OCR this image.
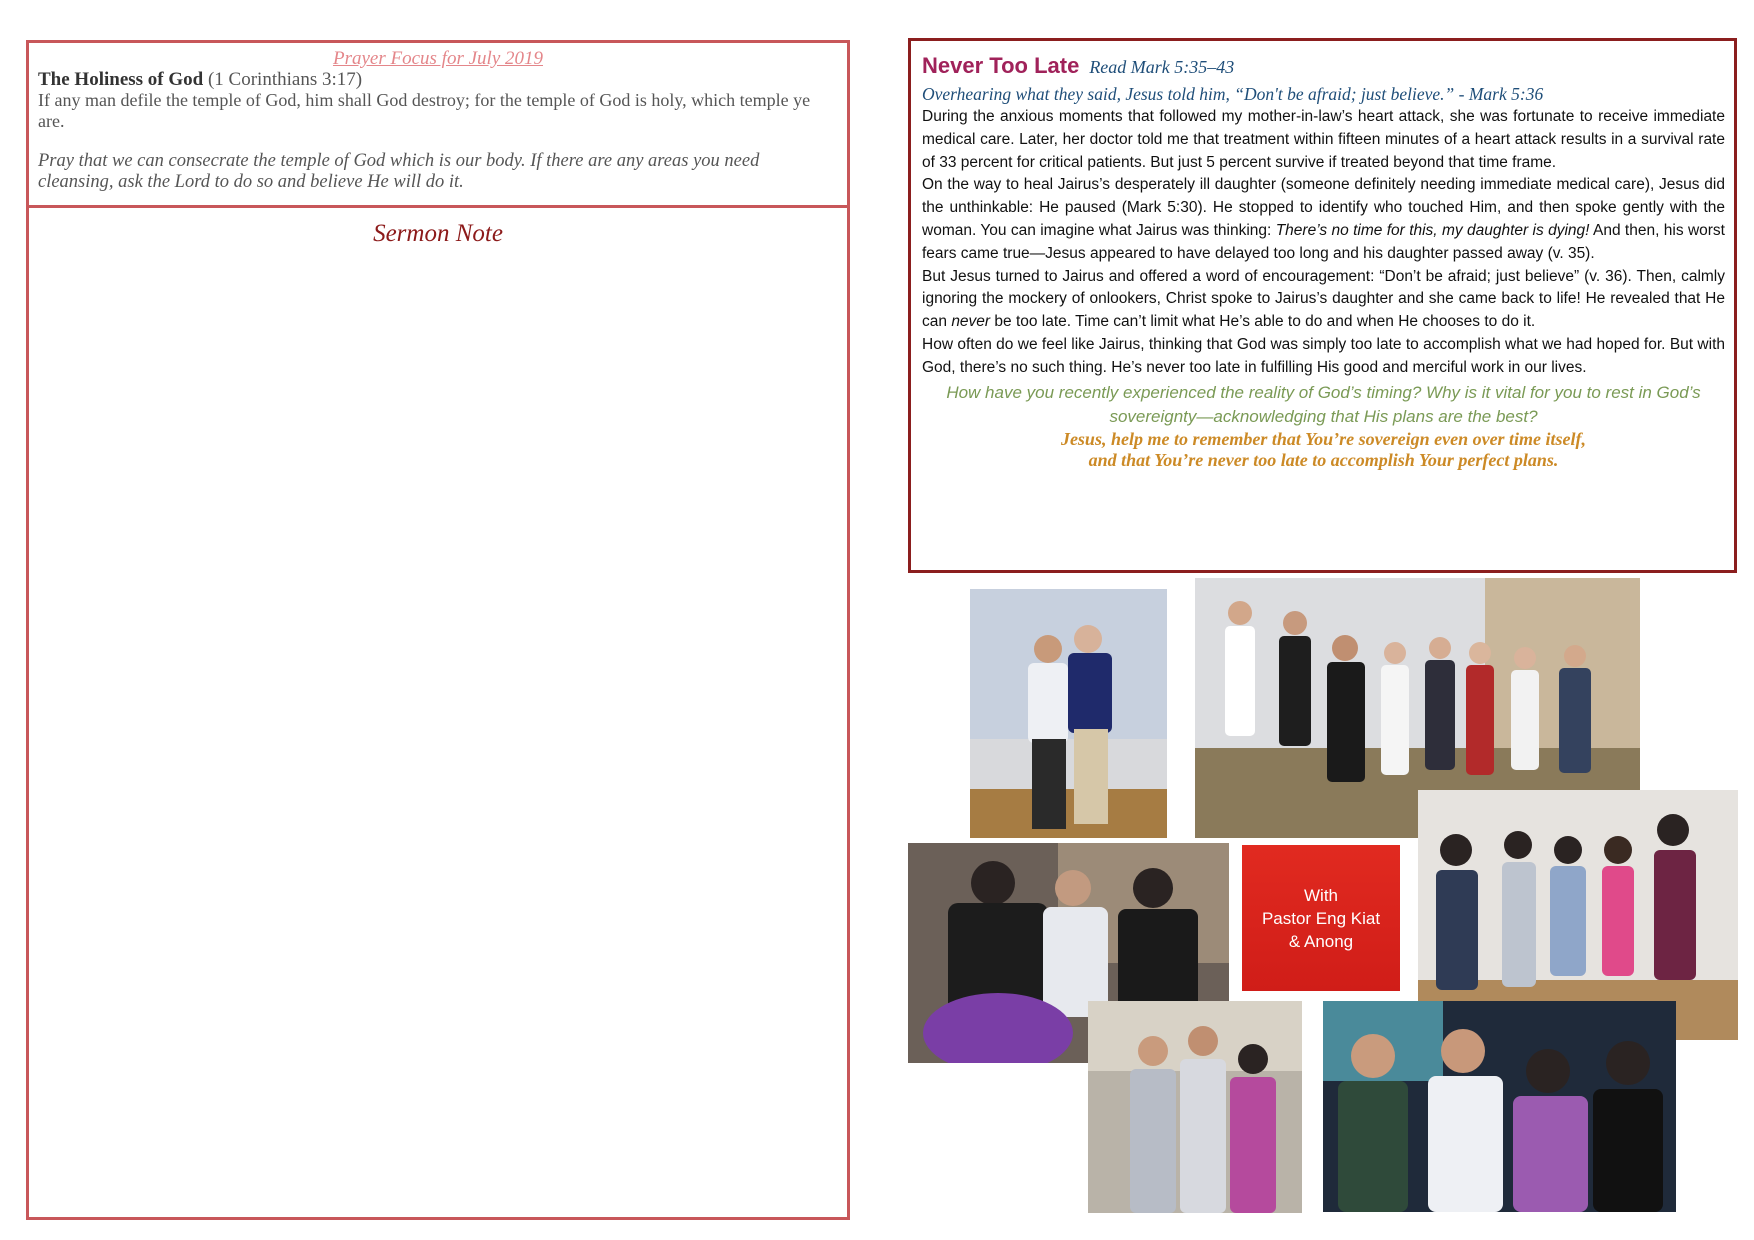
Prayer Focus for July 2019
The Holiness of God (1 Corinthians 3:17)
If any man defile the temple of God, him shall God destroy; for the temple of God is holy, which temple ye are.
Pray that we can consecrate the temple of God which is our body. If there are any areas you need cleansing, ask the Lord to do so and believe He will do it.
Sermon Note
Never Too Late Read Mark 5:35–43
Overhearing what they said, Jesus told him, “Don't be afraid; just believe.” - Mark 5:36

During the anxious moments that followed my mother-in-law’s heart attack, she was fortunate to receive immediate medical care. Later, her doctor told me that treatment within fifteen minutes of a heart attack results in a survival rate of 33 percent for critical patients. But just 5 percent survive if treated beyond that time frame.

On the way to heal Jairus’s desperately ill daughter (someone definitely needing immediate medical care), Jesus did the unthinkable: He paused (Mark 5:30). He stopped to identify who touched Him, and then spoke gently with the woman. You can imagine what Jairus was thinking: There’s no time for this, my daughter is dying! And then, his worst fears came true—Jesus appeared to have delayed too long and his daughter passed away (v. 35).

But Jesus turned to Jairus and offered a word of encouragement: “Don’t be afraid; just believe” (v. 36). Then, calmly ignoring the mockery of onlookers, Christ spoke to Jairus’s daughter and she came back to life! He revealed that He can never be too late. Time can’t limit what He’s able to do and when He chooses to do it.

How often do we feel like Jairus, thinking that God was simply too late to accomplish what we had hoped for. But with God, there’s no such thing. He’s never too late in fulfilling His good and merciful work in our lives.

How have you recently experienced the reality of God’s timing? Why is it vital for you to rest in God’s sovereignty—acknowledging that His plans are the best?
Jesus, help me to remember that You’re sovereign even over time itself,
and that You’re never too late to accomplish Your perfect plans.
With
Pastor Eng Kiat
& Anong
